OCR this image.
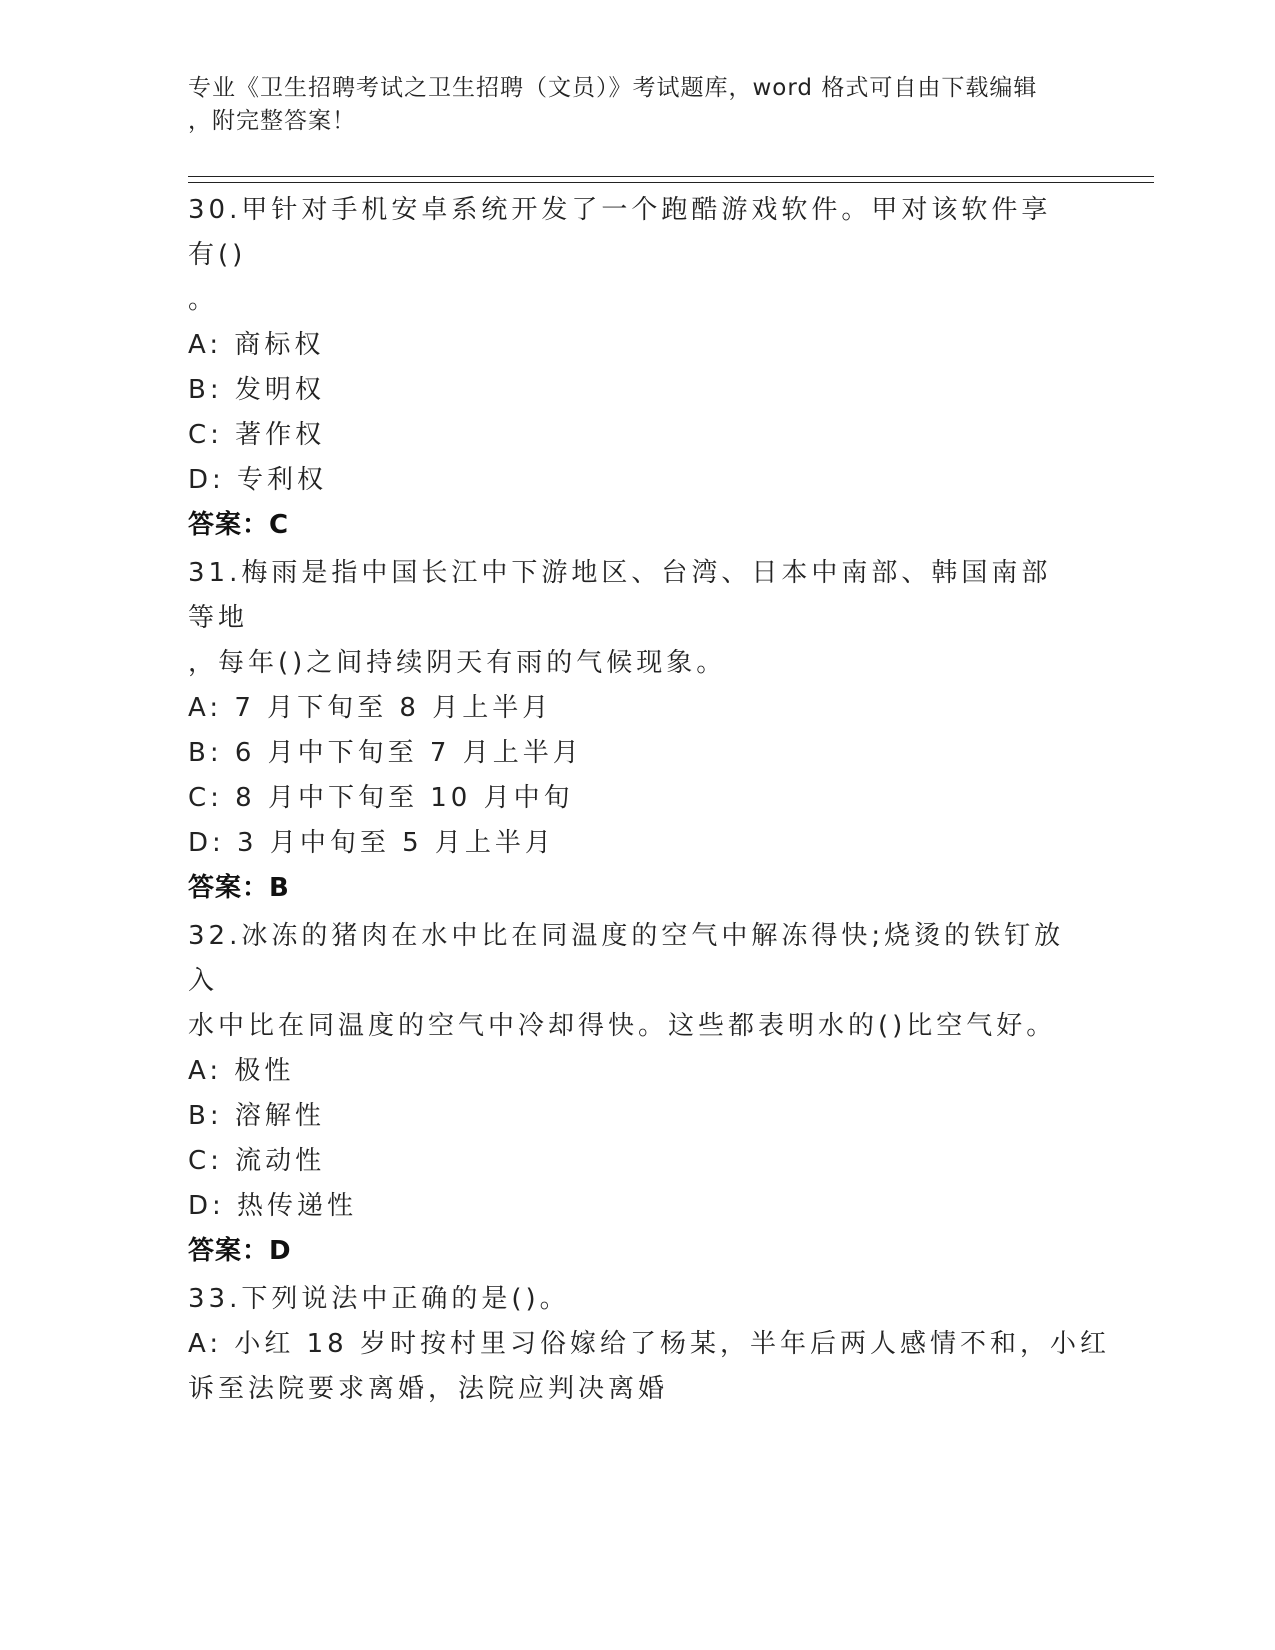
专业《卫生招聘考试之卫生招聘（文员）》考试题库，word 格式可自由下载编辑
，附完整答案！

30.甲针对手机安卓系统开发了一个跑酷游戏软件。甲对该软件享有()

。

A: 商标权

B: 发明权

C: 著作权

D: 专利权

答案：C

31.梅雨是指中国长江中下游地区、台湾、日本中南部、韩国南部等地

，每年()之间持续阴天有雨的气候现象。

A: 7 月下旬至 8 月上半月

B: 6 月中下旬至 7 月上半月

C: 8 月中下旬至 10 月中旬

D: 3 月中旬至 5 月上半月

答案：B

32.冰冻的猪肉在水中比在同温度的空气中解冻得快;烧烫的铁钉放入

水中比在同温度的空气中冷却得快。这些都表明水的()比空气好。

A: 极性

B: 溶解性

C: 流动性

D: 热传递性

答案：D

33.下列说法中正确的是()。

A: 小红 18 岁时按村里习俗嫁给了杨某，半年后两人感情不和，小红

诉至法院要求离婚，法院应判决离婚
